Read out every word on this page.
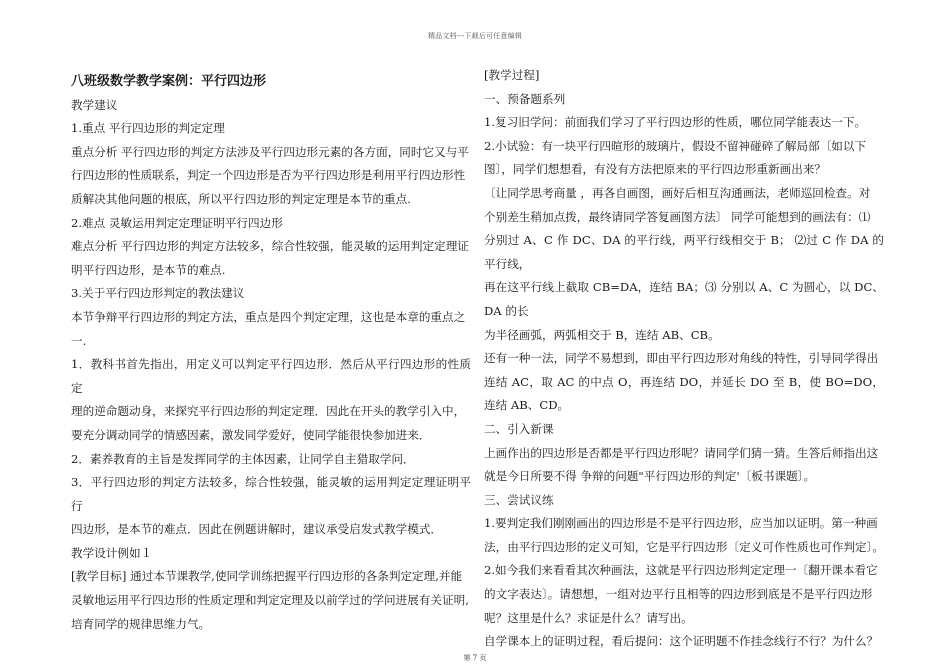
精品文档---下载后可任意编辑

八班级数学教学案例：平行四边形

教学建议

1.重点 平行四边形的判定定理

重点分析 平行四边形的判定方法涉及平行四边形元素的各方面，同时它又与平

行四边形的性质联系，判定一个四边形是否为平行四边形是利用平行四边形性

质解决其他问题的根底，所以平行四边形的判定定理是本节的重点.

2.难点 灵敏运用判定定理证明平行四边形

难点分析 平行四边形的判定方法较多，综合性较强，能灵敏的运用判定定理证

明平行四边形，是本节的难点.

3.关于平行四边形判定的教法建议

本节争辩平行四边形的判定方法，重点是四个判定定理，这也是本章的重点之

一.

1．教科书首先指出，用定义可以判定平行四边形．然后从平行四边形的性质定

理的逆命题动身，来探究平行四边形的判定定理．因此在开头的教学引入中，

要充分调动同学的情感因素，激发同学爱好，使同学能很快参加进来．

2．素养教育的主旨是发挥同学的主体因素，让同学自主猎取学问．

3．平行四边形的判定方法较多，综合性较强，能灵敏的运用判定定理证明平行

四边形，是本节的难点．因此在例题讲解时，建议承受启发式教学模式．

教学设计例如１

[教学目标] 通过本节课教学,使同学训练把握平行四边形的各条判定定理,并能

灵敏地运用平行四边形的性质定理和判定定理及以前学过的学问进展有关证明,

培育同学的规律思维力气。

[教学过程]

一、预备题系列

1.复习旧学问：前面我们学习了平行四边形的性质，哪位同学能表达一下。

2.小试验：有一块平行四暄形的玻璃片，假设不留神碰碎了解局部〔如以下

图〕，同学们想想看，有没有方法把原来的平行四边形重新画出来？

〔让同学思考商量 ，再各自画图，画好后相互沟通画法，老师巡回检查。对

个别差生稍加点拨，最终请同学答复画图方法〕 同学可能想到的画法有：⑴

分别过 A、C 作 DC、DA 的平行线，两平行线相交于 B； ⑵过 C 作 DA 的平行线，

再在这平行线上截取 CB=DA，连结 BA；⑶ 分别以 A、C 为圆心，以 DC、DA 的长

为半径画弧，两弧相交于 B，连结 AB、CB。

还有一种一法，同学不易想到，即由平行四边形对角线的特性，引导同学得出

连结 AC，取 AC 的中点 O，再连结 DO，并延长 DO 至 B，使 BO=DO，连结 AB、CD。

二、引入新课

上画作出的四边形是否都是平行四边形呢？请同学们猜一猜。生答后师指出这

就是今日所要不得 争辩的问题"平行四边形的判定'〔板书课题〕。

三、尝试议练

1.要判定我们刚刚画出的四边形是不是平行四边形，应当加以证明。第一种画

法，由平行四边形的定义可知，它是平行四边形〔定义可作性质也可作判定〕。

2.如今我们来看看其次种画法，这就是平行四边形判定定理一〔翻开课本看它

的文字表达〕。请想想，一组对边平行且相等的四边形到底是不是平行四边形

呢？这里是什么？求证是什么？请写出。

自学课本上的证明过程，看后提问：这个证明题不作挂念线行不行？为什么？

第 7 页
